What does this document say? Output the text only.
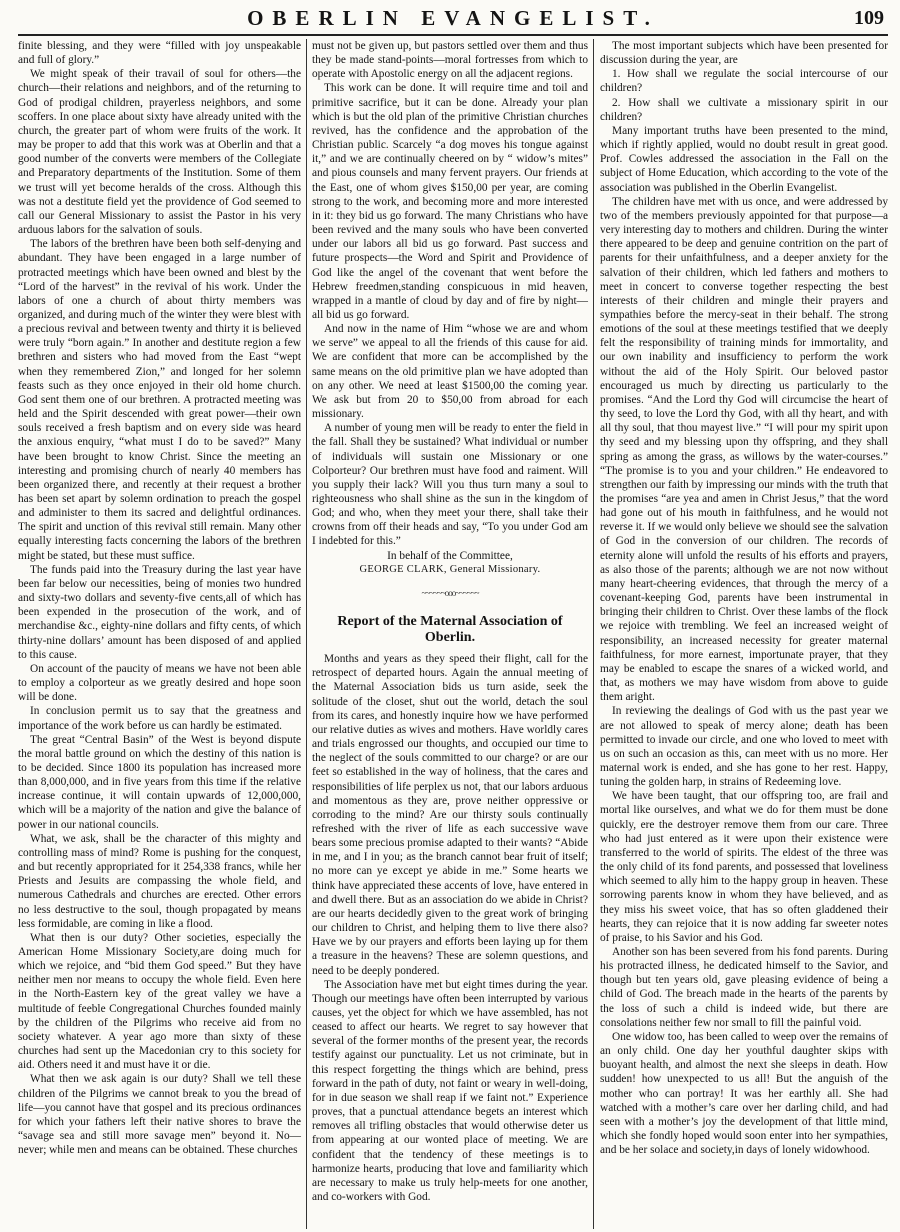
OBERLIN EVANGELIST.	109

finite blessing, and they were “filled with joy unspeakable and full of glory.”

We might speak of their travail of soul for others—the church—their relations and neighbors, and of the returning to God of prodigal children, prayerless neighbors, and some scoffers. In one place about sixty have already united with the church, the greater part of whom were fruits of the work. It may be proper to add that this work was at Oberlin and that a good number of the converts were members of the Collegiate and Preparatory departments of the Institution. Some of them we trust will yet become heralds of the cross. Although this was not a destitute field yet the providence of God seemed to call our General Missionary to assist the Pastor in his very arduous labors for the salvation of souls.

The labors of the brethren have been both self-denying and abundant. They have been engaged in a large number of protracted meetings which have been owned and blest by the “Lord of the harvest” in the revival of his work. Under the labors of one a church of about thirty members was organized, and during much of the winter they were blest with a precious revival and between twenty and thirty it is believed were truly “born again.” In another and destitute region a few brethren and sisters who had moved from the East “wept when they remembered Zion,” and longed for her solemn feasts such as they once enjoyed in their old home church. God sent them one of our brethren. A protracted meeting was held and the Spirit descended with great power—their own souls received a fresh baptism and on every side was heard the anxious enquiry, “what must I do to be saved?” Many have been brought to know Christ. Since the meeting an interesting and promising church of nearly 40 members has been organized there, and recently at their request a brother has been set apart by solemn ordination to preach the gospel and administer to them its sacred and delightful ordinances. The spirit and unction of this revival still remain. Many other equally interesting facts concerning the labors of the brethren might be stated, but these must suffice.

The funds paid into the Treasury during the last year have been far below our necessities, being of monies two hundred and sixty-two dollars and seventy-five cents,all of which has been expended in the prosecution of the work, and of merchandise &c., eighty-nine dollars and fifty cents, of which thirty-nine dollars’ amount has been disposed of and applied to this cause.

On account of the paucity of means we have not been able to employ a colporteur as we greatly desired and hope soon will be done.

In conclusion permit us to say that the greatness and importance of the work before us can hardly be estimated.

The great “Central Basin” of the West is beyond dispute the moral battle ground on which the destiny of this nation is to be decided. Since 1800 its population has increased more than 8,000,000, and in five years from this time if the relative increase continue, it will contain upwards of 12,000,000, which will be a majority of the nation and give the balance of power in our national councils.

What, we ask, shall be the character of this mighty and controlling mass of mind? Rome is pushing for the conquest, and but recently appropriated for it 254,338 francs, while her Priests and Jesuits are compassing the whole field, and numerous Cathedrals and churches are erected. Other errors no less destructive to the soul, though propagated by means less formidable, are coming in like a flood.

What then is our duty? Other societies, especially the American Home Missionary Society,are doing much for which we rejoice, and “bid them God speed.” But they have neither men nor means to occupy the whole field. Even here in the North-Eastern key of the great valley we have a multitude of feeble Congregational Churches founded mainly by the children of the Pilgrims who receive aid from no society whatever. A year ago more than sixty of these churches had sent up the Macedonian cry to this society for aid. Others need it and must have it or die.

What then we ask again is our duty? Shall we tell these children of the Pilgrims we cannot break to you the bread of life—you cannot have that gospel and its precious ordinances for which your fathers left their native shores to brave the “savage sea and still more savage men” beyond it. No—never; while men and means can be obtained. These churches

must not be given up, but pastors settled over them and thus they be made stand-points—moral fortresses from which to operate with Apostolic energy on all the adjacent regions.

This work can be done. It will require time and toil and primitive sacrifice, but it can be done. Already your plan which is but the old plan of the primitive Christian churches revived, has the confidence and the approbation of the Christian public. Scarcely “a dog moves his tongue against it,” and we are continually cheered on by “ widow’s mites” and pious counsels and many fervent prayers. Our friends at the East, one of whom gives $150,00 per year, are coming strong to the work, and becoming more and more interested in it: they bid us go forward. The many Christians who have been revived and the many souls who have been converted under our labors all bid us go forward. Past success and future prospects—the Word and Spirit and Providence of God like the angel of the covenant that went before the Hebrew freedmen,standing conspicuous in mid heaven, wrapped in a mantle of cloud by day and of fire by night—all bid us go forward.

And now in the name of Him “whose we are and whom we serve” we appeal to all the friends of this cause for aid. We are confident that more can be accomplished by the same means on the old primitive plan we have adopted than on any other. We need at least $1500,00 the coming year. We ask but from 20 to $50,00 from abroad for each missionary.

A number of young men will be ready to enter the field in the fall. Shall they be sustained? What individual or number of individuals will sustain one Missionary or one Colporteur? Our brethren must have food and raiment. Will you supply their lack? Will you thus turn many a soul to righteousness who shall shine as the sun in the kingdom of God; and who, when they meet your there, shall take their crowns from off their heads and say, “To you under God am I indebted for this.”

In behalf of the Committee,

GEORGE CLARK, General Missionary.

~~~~~~ooo~~~~~~
Report of the Maternal Association of Oberlin.

Months and years as they speed their flight, call for the retrospect of departed hours. Again the annual meeting of the Maternal Association bids us turn aside, seek the solitude of the closet, shut out the world, detach the soul from its cares, and honestly inquire how we have performed our relative duties as wives and mothers. Have worldly cares and trials engrossed our thoughts, and occupied our time to the neglect of the souls committed to our charge? or are our feet so established in the way of holiness, that the cares and responsibilities of life perplex us not, that our labors arduous and momentous as they are, prove neither oppressive or corroding to the mind? Are our thirsty souls continually refreshed with the river of life as each successive wave bears some precious promise adapted to their wants? “Abide in me, and I in you; as the branch cannot bear fruit of itself; no more can ye except ye abide in me.” Some hearts we think have appreciated these accents of love, have entered in and dwell there. But as an association do we abide in Christ? are our hearts decidedly given to the great work of bringing our children to Christ, and helping them to live there also? Have we by our prayers and efforts been laying up for them a treasure in the heavens? These are solemn questions, and need to be deeply pondered.

The Association have met but eight times during the year. Though our meetings have often been interrupted by various causes, yet the object for which we have assembled, has not ceased to affect our hearts. We regret to say however that several of the former months of the present year, the records testify against our punctuality. Let us not criminate, but in this respect forgetting the things which are behind, press forward in the path of duty, not faint or weary in well-doing, for in due season we shall reap if we faint not.” Experience proves, that a punctual attendance begets an interest which removes all trifling obstacles that would otherwise deter us from appearing at our wonted place of meeting. We are confident that the tendency of these meetings is to harmonize hearts, producing that love and familiarity which are necessary to make us truly help-meets for one another, and co-workers with God.

The most important subjects which have been presented for discussion during the year, are

1. How shall we regulate the social intercourse of our children?

2. How shall we cultivate a missionary spirit in our children?

Many important truths have been presented to the mind, which if rightly applied, would no doubt result in great good. Prof. Cowles addressed the association in the Fall on the subject of Home Education, which according to the vote of the association was published in the Oberlin Evangelist.

The children have met with us once, and were addressed by two of the members previously appointed for that purpose—a very interesting day to mothers and children. During the winter there appeared to be deep and genuine contrition on the part of parents for their unfaithfulness, and a deeper anxiety for the salvation of their children, which led fathers and mothers to meet in concert to converse together respecting the best interests of their children and mingle their prayers and sympathies before the mercy-seat in their behalf. The strong emotions of the soul at these meetings testified that we deeply felt the responsibility of training minds for immortality, and our own inability and insufficiency to perform the work without the aid of the Holy Spirit. Our beloved pastor encouraged us much by directing us particularly to the promises. “And the Lord thy God will circumcise the heart of thy seed, to love the Lord thy God, with all thy heart, and with all thy soul, that thou mayest live.” “I will pour my spirit upon thy seed and my blessing upon thy offspring, and they shall spring as among the grass, as willows by the water-courses.” “The promise is to you and your children.” He endeavored to strengthen our faith by impressing our minds with the truth that the promises “are yea and amen in Christ Jesus,” that the word had gone out of his mouth in faithfulness, and he would not reverse it. If we would only believe we should see the salvation of God in the conversion of our children. The records of eternity alone will unfold the results of his efforts and prayers, as also those of the parents; although we are not now without many heart-cheering evidences, that through the mercy of a covenant-keeping God, parents have been instrumental in bringing their children to Christ. Over these lambs of the flock we rejoice with trembling. We feel an increased weight of responsibility, an increased necessity for greater maternal faithfulness, for more earnest, importunate prayer, that they may be enabled to escape the snares of a wicked world, and that, as mothers we may have wisdom from above to guide them aright.

In reviewing the dealings of God with us the past year we are not allowed to speak of mercy alone; death has been permitted to invade our circle, and one who loved to meet with us on such an occasion as this, can meet with us no more. Her maternal work is ended, and she has gone to her rest. Happy, tuning the golden harp, in strains of Redeeming love.

We have been taught, that our offspring too, are frail and mortal like ourselves, and what we do for them must be done quickly, ere the destroyer remove them from our care. Three who had just entered as it were upon their existence were transferred to the world of spirits. The eldest of the three was the only child of its fond parents, and possessed that loveliness which seemed to ally him to the happy group in heaven. These sorrowing parents know in whom they have believed, and as they miss his sweet voice, that has so often gladdened their hearts, they can rejoice that it is now adding far sweeter notes of praise, to his Savior and his God.

Another son has been severed from his fond parents. During his protracted illness, he dedicated himself to the Savior, and though but ten years old, gave pleasing evidence of being a child of God. The breach made in the hearts of the parents by the loss of such a child is indeed wide, but there are consolations neither few nor small to fill the painful void.

One widow too, has been called to weep over the remains of an only child. One day her youthful daughter skips with buoyant health, and almost the next she sleeps in death. How sudden! how unexpected to us all! But the anguish of the mother who can portray! It was her earthly all. She had watched with a mother’s care over her darling child, and had seen with a mother’s joy the development of that little mind, which she fondly hoped would soon enter into her sympathies, and be her solace and society,in days of lonely widowhood.
